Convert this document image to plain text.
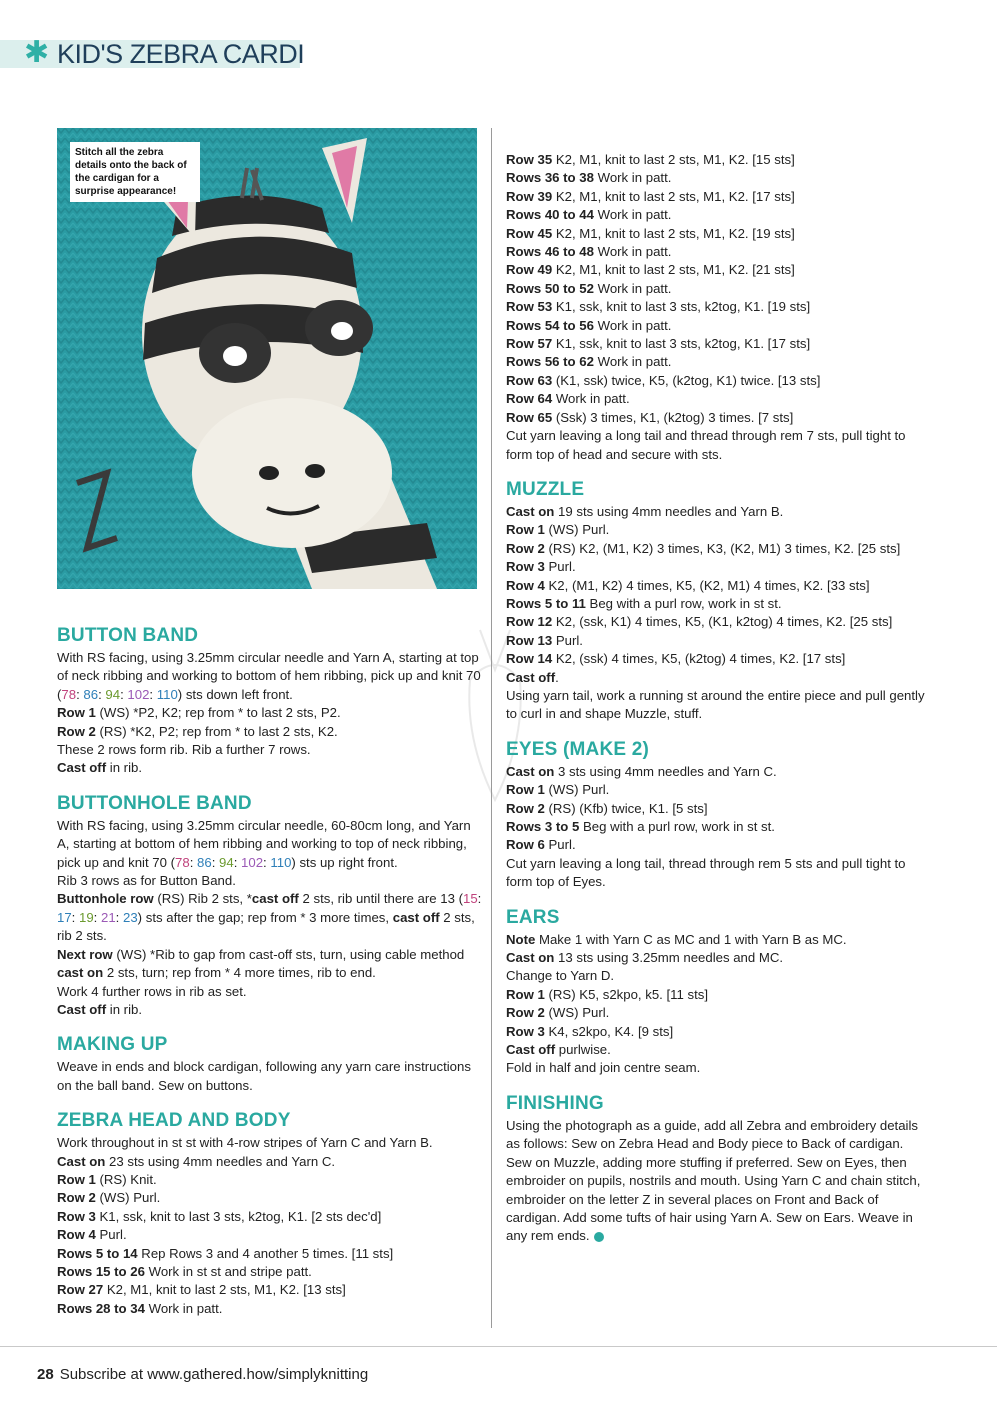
✱ KID'S ZEBRA CARDI
Stitch all the zebra details onto the back of the cardigan for a surprise appearance!
BUTTON BAND

With RS facing, using 3.25mm circular needle and Yarn A, starting at top of neck ribbing and working to bottom of hem ribbing, pick up and knit 70 (78: 86: 94: 102: 110) sts down left front.

Row 1 (WS) *P2, K2; rep from * to last 2 sts, P2.

Row 2 (RS) *K2, P2; rep from * to last 2 sts, K2.

These 2 rows form rib. Rib a further 7 rows.

Cast off in rib.

BUTTONHOLE BAND

With RS facing, using 3.25mm circular needle, 60-80cm long, and Yarn A, starting at bottom of hem ribbing and working to top of neck ribbing, pick up and knit 70 (78: 86: 94: 102: 110) sts up right front.

Rib 3 rows as for Button Band.

Buttonhole row (RS) Rib 2 sts, *cast off 2 sts, rib until there are 13 (15: 17: 19: 21: 23) sts after the gap; rep from * 3 more times, cast off 2 sts, rib 2 sts.

Next row (WS) *Rib to gap from cast-off sts, turn, using cable method cast on 2 sts, turn; rep from * 4 more times, rib to end.

Work 4 further rows in rib as set.

Cast off in rib.

MAKING UP

Weave in ends and block cardigan, following any yarn care instructions on the ball band. Sew on buttons.

ZEBRA HEAD AND BODY

Work throughout in st st with 4-row stripes of Yarn C and Yarn B.

Cast on 23 sts using 4mm needles and Yarn C.

Row 1 (RS) Knit.

Row 2 (WS) Purl.

Row 3 K1, ssk, knit to last 3 sts, k2tog, K1. [2 sts dec'd]

Row 4 Purl.

Rows 5 to 14 Rep Rows 3 and 4 another 5 times. [11 sts]

Rows 15 to 26 Work in st st and stripe patt.

Row 27 K2, M1, knit to last 2 sts, M1, K2. [13 sts]

Rows 28 to 34 Work in patt.

Row 35 K2, M1, knit to last 2 sts, M1, K2. [15 sts]

Rows 36 to 38 Work in patt.

Row 39 K2, M1, knit to last 2 sts, M1, K2. [17 sts]

Rows 40 to 44 Work in patt.

Row 45 K2, M1, knit to last 2 sts, M1, K2. [19 sts]

Rows 46 to 48 Work in patt.

Row 49 K2, M1, knit to last 2 sts, M1, K2. [21 sts]

Rows 50 to 52 Work in patt.

Row 53 K1, ssk, knit to last 3 sts, k2tog, K1. [19 sts]

Rows 54 to 56 Work in patt.

Row 57 K1, ssk, knit to last 3 sts, k2tog, K1. [17 sts]

Rows 56 to 62 Work in patt.

Row 63 (K1, ssk) twice, K5, (k2tog, K1) twice. [13 sts]

Row 64 Work in patt.

Row 65 (Ssk) 3 times, K1, (k2tog) 3 times. [7 sts]

Cut yarn leaving a long tail and thread through rem 7 sts, pull tight to form top of head and secure with sts.

MUZZLE

Cast on 19 sts using 4mm needles and Yarn B.

Row 1 (WS) Purl.

Row 2 (RS) K2, (M1, K2) 3 times, K3, (K2, M1) 3 times, K2. [25 sts]

Row 3 Purl.

Row 4 K2, (M1, K2) 4 times, K5, (K2, M1) 4 times, K2. [33 sts]

Rows 5 to 11 Beg with a purl row, work in st st.

Row 12 K2, (ssk, K1) 4 times, K5, (K1, k2tog) 4 times, K2. [25 sts]

Row 13 Purl.

Row 14 K2, (ssk) 4 times, K5, (k2tog) 4 times, K2. [17 sts]

Cast off.

Using yarn tail, work a running st around the entire piece and pull gently to curl in and shape Muzzle, stuff.

EYES (MAKE 2)

Cast on 3 sts using 4mm needles and Yarn C.

Row 1 (WS) Purl.

Row 2 (RS) (Kfb) twice, K1. [5 sts]

Rows 3 to 5 Beg with a purl row, work in st st.

Row 6 Purl.

Cut yarn leaving a long tail, thread through rem 5 sts and pull tight to form top of Eyes.

EARS

Note Make 1 with Yarn C as MC and 1 with Yarn B as MC.

Cast on 13 sts using 3.25mm needles and MC.

Change to Yarn D.

Row 1 (RS) K5, s2kpo, k5. [11 sts]

Row 2 (WS) Purl.

Row 3 K4, s2kpo, K4. [9 sts]

Cast off purlwise.

Fold in half and join centre seam.

FINISHING

Using the photograph as a guide, add all Zebra and embroidery details as follows: Sew on Zebra Head and Body piece to Back of cardigan. Sew on Muzzle, adding more stuffing if preferred. Sew on Eyes, then embroider on pupils, nostrils and mouth. Using Yarn C and chain stitch, embroider on the letter Z in several places on Front and Back of cardigan. Add some tufts of hair using Yarn A. Sew on Ears. Weave in any rem ends.

28 Subscribe at www.gathered.how/simplyknitting
